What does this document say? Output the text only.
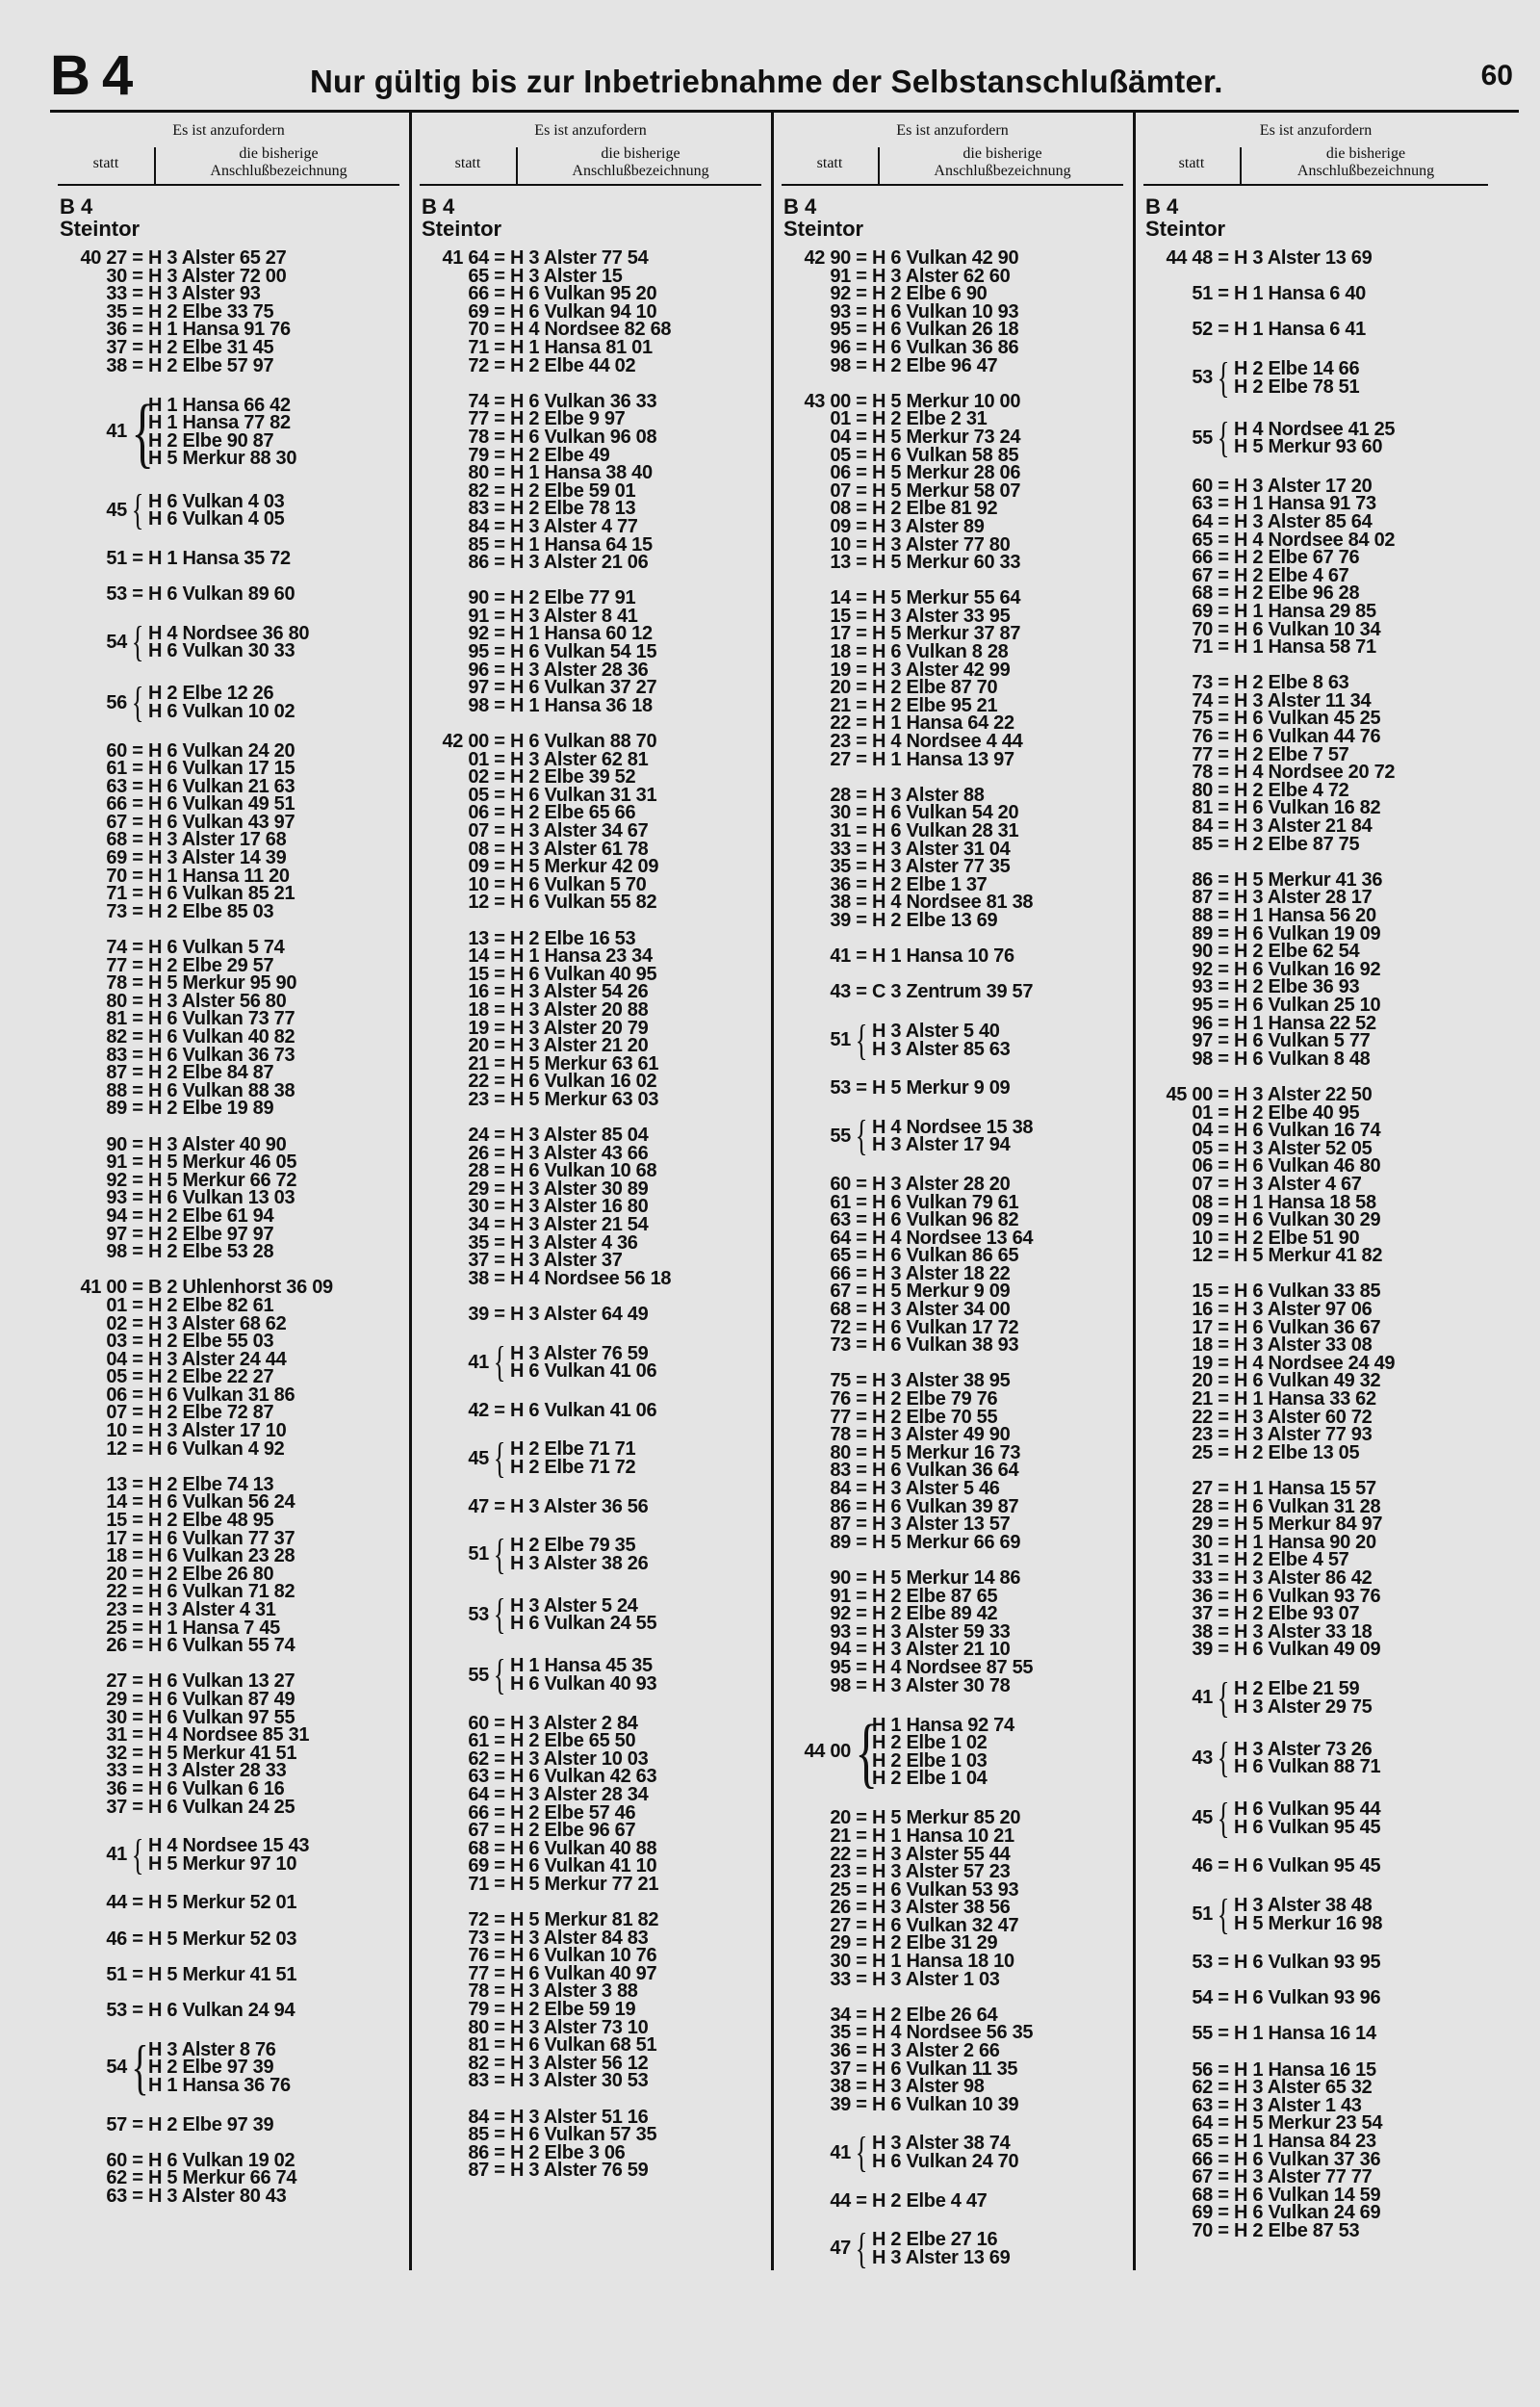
B 4	Nur gültig bis zur Inbetriebnahme der Selbstanschlußämter.	60
Es ist anzufordern
statt
die bisherige
Anschlußbezeichnung
B 4
Steintor
40 27 = H 3 Alster 65 27
30 = H 3 Alster 72 00
33 = H 3 Alster 93
35 = H 2 Elbe 33 75
36 = H 1 Hansa 91 76
37 = H 2 Elbe 31 45
38 = H 2 Elbe 57 97
41 {
H 1 Hansa 66 42
H 1 Hansa 77 82
H 2 Elbe 90 87
H 5 Merkur 88 30
45 { H 6 Vulkan 4 03
H 6 Vulkan 4 05
51 = H 1 Hansa 35 72
53 = H 6 Vulkan 89 60
54 { H 4 Nordsee 36 80
H 6 Vulkan 30 33
56 { H 2 Elbe 12 26
H 6 Vulkan 10 02
60 = H 6 Vulkan 24 20
61 = H 6 Vulkan 17 15
63 = H 6 Vulkan 21 63
66 = H 6 Vulkan 49 51
67 = H 6 Vulkan 43 97
68 = H 3 Alster 17 68
69 = H 3 Alster 14 39
70 = H 1 Hansa 11 20
71 = H 6 Vulkan 85 21
73 = H 2 Elbe 85 03
74 = H 6 Vulkan 5 74
77 = H 2 Elbe 29 57
78 = H 5 Merkur 95 90
80 = H 3 Alster 56 80
81 = H 6 Vulkan 73 77
82 = H 6 Vulkan 40 82
83 = H 6 Vulkan 36 73
87 = H 2 Elbe 84 87
88 = H 6 Vulkan 88 38
89 = H 2 Elbe 19 89
90 = H 3 Alster 40 90
91 = H 5 Merkur 46 05
92 = H 5 Merkur 66 72
93 = H 6 Vulkan 13 03
94 = H 2 Elbe 61 94
97 = H 2 Elbe 97 97
98 = H 2 Elbe 53 28
41 00 = B 2 Uhlenhorst 36 09
01 = H 2 Elbe 82 61
02 = H 3 Alster 68 62
03 = H 2 Elbe 55 03
04 = H 3 Alster 24 44
05 = H 2 Elbe 22 27
06 = H 6 Vulkan 31 86
07 = H 2 Elbe 72 87
10 = H 3 Alster 17 10
12 = H 6 Vulkan 4 92
13 = H 2 Elbe 74 13
14 = H 6 Vulkan 56 24
15 = H 2 Elbe 48 95
17 = H 6 Vulkan 77 37
18 = H 6 Vulkan 23 28
20 = H 2 Elbe 26 80
22 = H 6 Vulkan 71 82
23 = H 3 Alster 4 31
25 = H 1 Hansa 7 45
26 = H 6 Vulkan 55 74
27 = H 6 Vulkan 13 27
29 = H 6 Vulkan 87 49
30 = H 6 Vulkan 97 55
31 = H 4 Nordsee 85 31
32 = H 5 Merkur 41 51
33 = H 3 Alster 28 33
36 = H 6 Vulkan 6 16
37 = H 6 Vulkan 24 25
41 { H 4 Nordsee 15 43
H 5 Merkur 97 10
44 = H 5 Merkur 52 01
46 = H 5 Merkur 52 03
51 = H 5 Merkur 41 51
53 = H 6 Vulkan 24 94
54 { H 3 Alster 8 76
H 2 Elbe 97 39
H 1 Hansa 36 76
57 = H 2 Elbe 97 39
60 = H 6 Vulkan 19 02
62 = H 5 Merkur 66 74
63 = H 3 Alster 80 43
Es ist anzufordern
statt
die bisherige
Anschlußbezeichnung
B 4
Steintor
41 64 = H 3 Alster 77 54
65 = H 3 Alster 15
66 = H 6 Vulkan 95 20
69 = H 6 Vulkan 94 10
70 = H 4 Nordsee 82 68
71 = H 1 Hansa 81 01
72 = H 2 Elbe 44 02
74 = H 6 Vulkan 36 33
77 = H 2 Elbe 9 97
78 = H 6 Vulkan 96 08
79 = H 2 Elbe 49
80 = H 1 Hansa 38 40
82 = H 2 Elbe 59 01
83 = H 2 Elbe 78 13
84 = H 3 Alster 4 77
85 = H 1 Hansa 64 15
86 = H 3 Alster 21 06
90 = H 2 Elbe 77 91
91 = H 3 Alster 8 41
92 = H 1 Hansa 60 12
95 = H 6 Vulkan 54 15
96 = H 3 Alster 28 36
97 = H 6 Vulkan 37 27
98 = H 1 Hansa 36 18
42 00 = H 6 Vulkan 88 70
01 = H 3 Alster 62 81
02 = H 2 Elbe 39 52
05 = H 6 Vulkan 31 31
06 = H 2 Elbe 65 66
07 = H 3 Alster 34 67
08 = H 3 Alster 61 78
09 = H 5 Merkur 42 09
10 = H 6 Vulkan 5 70
12 = H 6 Vulkan 55 82
13 = H 2 Elbe 16 53
14 = H 1 Hansa 23 34
15 = H 6 Vulkan 40 95
16 = H 3 Alster 54 26
18 = H 3 Alster 20 88
19 = H 3 Alster 20 79
20 = H 3 Alster 21 20
21 = H 5 Merkur 63 61
22 = H 6 Vulkan 16 02
23 = H 5 Merkur 63 03
24 = H 3 Alster 85 04
26 = H 3 Alster 43 66
28 = H 6 Vulkan 10 68
29 = H 3 Alster 30 89
30 = H 3 Alster 16 80
34 = H 3 Alster 21 54
35 = H 3 Alster 4 36
37 = H 3 Alster 37
38 = H 4 Nordsee 56 18
39 = H 3 Alster 64 49
41 { H 3 Alster 76 59
H 6 Vulkan 41 06
42 = H 6 Vulkan 41 06
45 { H 2 Elbe 71 71
H 2 Elbe 71 72
47 = H 3 Alster 36 56
51 { H 2 Elbe 79 35
H 3 Alster 38 26
53 { H 3 Alster 5 24
H 6 Vulkan 24 55
55 { H 1 Hansa 45 35
H 6 Vulkan 40 93
60 = H 3 Alster 2 84
61 = H 2 Elbe 65 50
62 = H 3 Alster 10 03
63 = H 6 Vulkan 42 63
64 = H 3 Alster 28 34
66 = H 2 Elbe 57 46
67 = H 2 Elbe 96 67
68 = H 6 Vulkan 40 88
69 = H 6 Vulkan 41 10
71 = H 5 Merkur 77 21
72 = H 5 Merkur 81 82
73 = H 3 Alster 84 83
76 = H 6 Vulkan 10 76
77 = H 6 Vulkan 40 97
78 = H 3 Alster 3 88
79 = H 2 Elbe 59 19
80 = H 3 Alster 73 10
81 = H 6 Vulkan 68 51
82 = H 3 Alster 56 12
83 = H 3 Alster 30 53
84 = H 3 Alster 51 16
85 = H 6 Vulkan 57 35
86 = H 2 Elbe 3 06
87 = H 3 Alster 76 59
Es ist anzufordern
statt
die bisherige
Anschlußbezeichnung
B 4
Steintor
42 90 = H 6 Vulkan 42 90
91 = H 3 Alster 62 60
92 = H 2 Elbe 6 90
93 = H 6 Vulkan 10 93
95 = H 6 Vulkan 26 18
96 = H 6 Vulkan 36 86
98 = H 2 Elbe 96 47
43 00 = H 5 Merkur 10 00
01 = H 2 Elbe 2 31
04 = H 5 Merkur 73 24
05 = H 6 Vulkan 58 85
06 = H 5 Merkur 28 06
07 = H 5 Merkur 58 07
08 = H 2 Elbe 81 92
09 = H 3 Alster 89
10 = H 3 Alster 77 80
13 = H 5 Merkur 60 33
14 = H 5 Merkur 55 64
15 = H 3 Alster 33 95
17 = H 5 Merkur 37 87
18 = H 6 Vulkan 8 28
19 = H 3 Alster 42 99
20 = H 2 Elbe 87 70
21 = H 2 Elbe 95 21
22 = H 1 Hansa 64 22
23 = H 4 Nordsee 4 44
27 = H 1 Hansa 13 97
28 = H 3 Alster 88
30 = H 6 Vulkan 54 20
31 = H 6 Vulkan 28 31
33 = H 3 Alster 31 04
35 = H 3 Alster 77 35
36 = H 2 Elbe 1 37
38 = H 4 Nordsee 81 38
39 = H 2 Elbe 13 69
41 = H 1 Hansa 10 76
43 = C 3 Zentrum 39 57
51 { H 3 Alster 5 40
H 3 Alster 85 63
53 = H 5 Merkur 9 09
55 { H 4 Nordsee 15 38
H 3 Alster 17 94
60 = H 3 Alster 28 20
61 = H 6 Vulkan 79 61
63 = H 6 Vulkan 96 82
64 = H 4 Nordsee 13 64
65 = H 6 Vulkan 86 65
66 = H 3 Alster 18 22
67 = H 5 Merkur 9 09
68 = H 3 Alster 34 00
72 = H 6 Vulkan 17 72
73 = H 6 Vulkan 38 93
75 = H 3 Alster 38 95
76 = H 2 Elbe 79 76
77 = H 2 Elbe 70 55
78 = H 3 Alster 49 90
80 = H 5 Merkur 16 73
83 = H 6 Vulkan 36 64
84 = H 3 Alster 5 46
86 = H 6 Vulkan 39 87
87 = H 3 Alster 13 57
89 = H 5 Merkur 66 69
90 = H 5 Merkur 14 86
91 = H 2 Elbe 87 65
92 = H 2 Elbe 89 42
93 = H 3 Alster 59 33
94 = H 3 Alster 21 10
95 = H 4 Nordsee 87 55
98 = H 3 Alster 30 78
44 00 {
H 1 Hansa 92 74
H 2 Elbe 1 02
H 2 Elbe 1 03
H 2 Elbe 1 04
20 = H 5 Merkur 85 20
21 = H 1 Hansa 10 21
22 = H 3 Alster 55 44
23 = H 3 Alster 57 23
25 = H 6 Vulkan 53 93
26 = H 3 Alster 38 56
27 = H 6 Vulkan 32 47
29 = H 2 Elbe 31 29
30 = H 1 Hansa 18 10
33 = H 3 Alster 1 03
34 = H 2 Elbe 26 64
35 = H 4 Nordsee 56 35
36 = H 3 Alster 2 66
37 = H 6 Vulkan 11 35
38 = H 3 Alster 98
39 = H 6 Vulkan 10 39
41 { H 3 Alster 38 74
H 6 Vulkan 24 70
44 = H 2 Elbe 4 47
47 { H 2 Elbe 27 16
H 3 Alster 13 69
Es ist anzufordern
statt
die bisherige
Anschlußbezeichnung
B 4
Steintor
44 48 = H 3 Alster 13 69
51 = H 1 Hansa 6 40
52 = H 1 Hansa 6 41
53 { H 2 Elbe 14 66
H 2 Elbe 78 51
55 { H 4 Nordsee 41 25
H 5 Merkur 93 60
60 = H 3 Alster 17 20
63 = H 1 Hansa 91 73
64 = H 3 Alster 85 64
65 = H 4 Nordsee 84 02
66 = H 2 Elbe 67 76
67 = H 2 Elbe 4 67
68 = H 2 Elbe 96 28
69 = H 1 Hansa 29 85
70 = H 6 Vulkan 10 34
71 = H 1 Hansa 58 71
73 = H 2 Elbe 8 63
74 = H 3 Alster 11 34
75 = H 6 Vulkan 45 25
76 = H 6 Vulkan 44 76
77 = H 2 Elbe 7 57
78 = H 4 Nordsee 20 72
80 = H 2 Elbe 4 72
81 = H 6 Vulkan 16 82
84 = H 3 Alster 21 84
85 = H 2 Elbe 87 75
86 = H 5 Merkur 41 36
87 = H 3 Alster 28 17
88 = H 1 Hansa 56 20
89 = H 6 Vulkan 19 09
90 = H 2 Elbe 62 54
92 = H 6 Vulkan 16 92
93 = H 2 Elbe 36 93
95 = H 6 Vulkan 25 10
96 = H 1 Hansa 22 52
97 = H 6 Vulkan 5 77
98 = H 6 Vulkan 8 48
45 00 = H 3 Alster 22 50
01 = H 2 Elbe 40 95
04 = H 6 Vulkan 16 74
05 = H 3 Alster 52 05
06 = H 6 Vulkan 46 80
07 = H 3 Alster 4 67
08 = H 1 Hansa 18 58
09 = H 6 Vulkan 30 29
10 = H 2 Elbe 51 90
12 = H 5 Merkur 41 82
15 = H 6 Vulkan 33 85
16 = H 3 Alster 97 06
17 = H 6 Vulkan 36 67
18 = H 3 Alster 33 08
19 = H 4 Nordsee 24 49
20 = H 6 Vulkan 49 32
21 = H 1 Hansa 33 62
22 = H 3 Alster 60 72
23 = H 3 Alster 77 93
25 = H 2 Elbe 13 05
27 = H 1 Hansa 15 57
28 = H 6 Vulkan 31 28
29 = H 5 Merkur 84 97
30 = H 1 Hansa 90 20
31 = H 2 Elbe 4 57
33 = H 3 Alster 86 42
36 = H 6 Vulkan 93 76
37 = H 2 Elbe 93 07
38 = H 3 Alster 33 18
39 = H 6 Vulkan 49 09
41 { H 2 Elbe 21 59
H 3 Alster 29 75
43 { H 3 Alster 73 26
H 6 Vulkan 88 71
45 { H 6 Vulkan 95 44
H 6 Vulkan 95 45
46 = H 6 Vulkan 95 45
51 { H 3 Alster 38 48
H 5 Merkur 16 98
53 = H 6 Vulkan 93 95
54 = H 6 Vulkan 93 96
55 = H 1 Hansa 16 14
56 = H 1 Hansa 16 15
62 = H 3 Alster 65 32
63 = H 3 Alster 1 43
64 = H 5 Merkur 23 54
65 = H 1 Hansa 84 23
66 = H 6 Vulkan 37 36
67 = H 3 Alster 77 77
68 = H 6 Vulkan 14 59
69 = H 6 Vulkan 24 69
70 = H 2 Elbe 87 53
